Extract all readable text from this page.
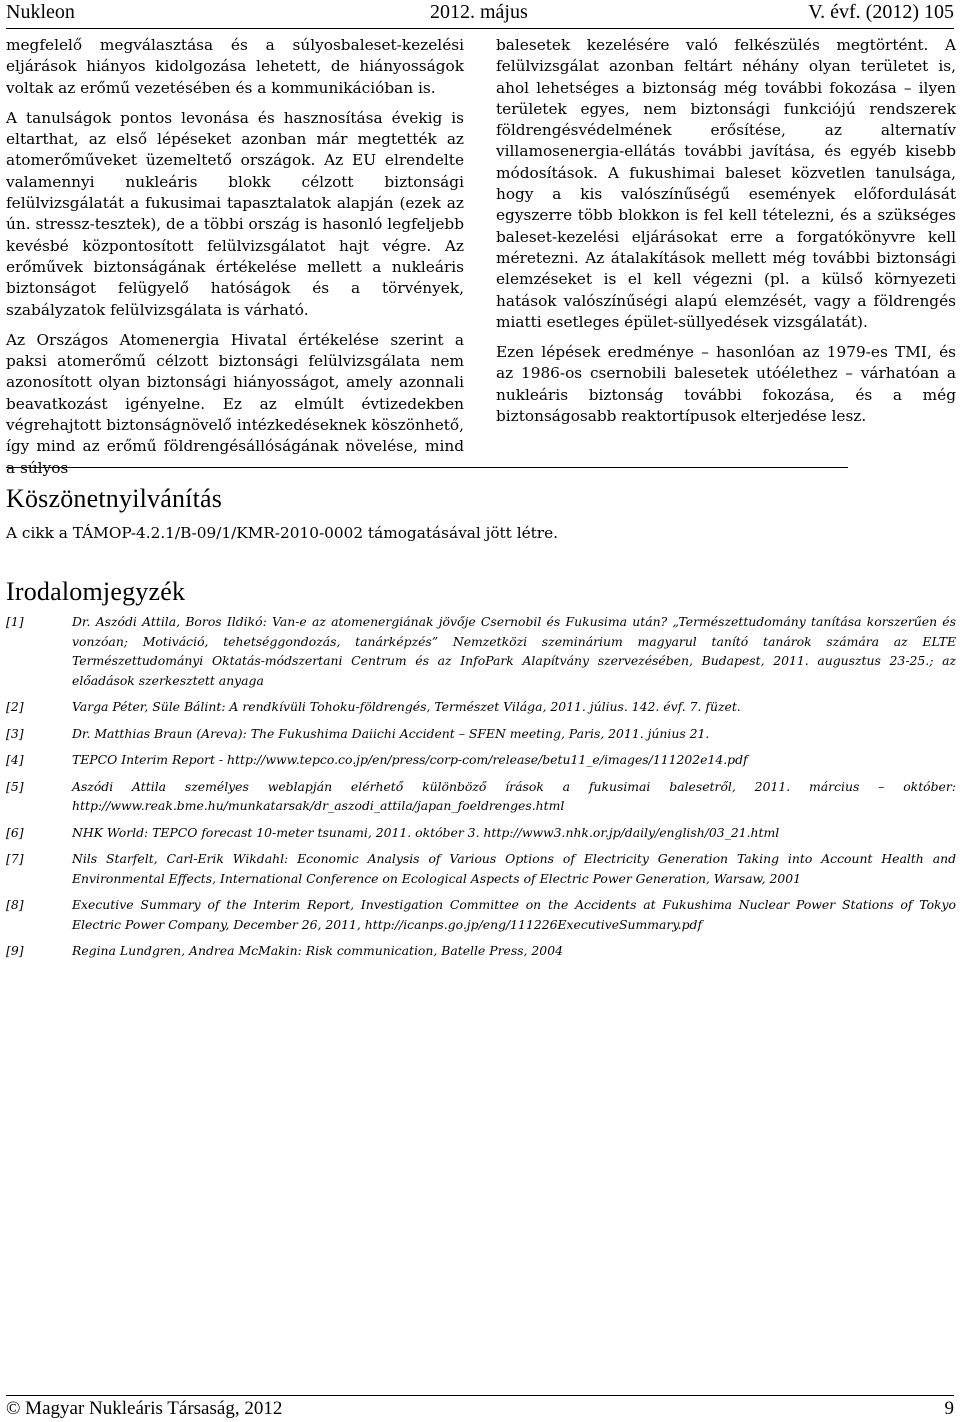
Nukleon	2012. május	V. évf. (2012) 105

megfelelő megválasztása és a súlyosbaleset-kezelési eljárások hiányos kidolgozása lehetett, de hiányosságok voltak az erőmű vezetésében és a kommunikációban is.

A tanulságok pontos levonása és hasznosítása évekig is eltarthat, az első lépéseket azonban már megtették az atomerőműveket üzemeltető országok. Az EU elrendelte valamennyi nukleáris blokk célzott biztonsági felülvizsgálatát a fukusimai tapasztalatok alapján (ezek az ún. stressz-tesztek), de a többi ország is hasonló legfeljebb kevésbé központosított felülvizsgálatot hajt végre. Az erőművek biztonságának értékelése mellett a nukleáris biztonságot felügyelő hatóságok és a törvények, szabályzatok felülvizsgálata is várható.

Az Országos Atomenergia Hivatal értékelése szerint a paksi atomerőmű célzott biztonsági felülvizsgálata nem azonosított olyan biztonsági hiányosságot, amely azonnali beavatkozást igényelne. Ez az elmúlt évtizedekben végrehajtott biztonságnövelő intézkedéseknek köszönhető, így mind az erőmű földrengésállóságának növelése, mind a súlyos

balesetek kezelésére való felkészülés megtörtént. A felülvizsgálat azonban feltárt néhány olyan területet is, ahol lehetséges a biztonság még további fokozása – ilyen területek egyes, nem biztonsági funkciójú rendszerek földrengésvédelmének erősítése, az alternatív villamosenergia-ellátás további javítása, és egyéb kisebb módosítások. A fukushimai baleset közvetlen tanulsága, hogy a kis valószínűségű események előfordulását egyszerre több blokkon is fel kell tételezni, és a szükséges baleset-kezelési eljárásokat erre a forgatókönyvre kell méretezni. Az átalakítások mellett még további biztonsági elemzéseket is el kell végezni (pl. a külső környezeti hatások valószínűségi alapú elemzését, vagy a földrengés miatti esetleges épület-süllyedések vizsgálatát).

Ezen lépések eredménye – hasonlóan az 1979-es TMI, és az 1986-os csernobili balesetek utóélethez – várhatóan a nukleáris biztonság további fokozása, és a még biztonságosabb reaktortípusok elterjedése lesz.

Köszönetnyilvánítás
A cikk a TÁMOP-4.2.1/B-09/1/KMR-2010-0002 támogatásával jött létre.
Irodalomjegyzék
[1]	Dr. Aszódi Attila, Boros Ildikó: Van-e az atomenergiának jövője Csernobil és Fukusima után? „Természettudomány tanítása korszerűen és vonzóan; Motiváció, tehetséggondozás, tanárképzés” Nemzetközi szeminárium magyarul tanító tanárok számára az ELTE Természettudományi Oktatás-módszertani Centrum és az InfoPark Alapítvány szervezésében, Budapest, 2011. augusztus 23-25.; az előadások szerkesztett anyaga
[2]	Varga Péter, Süle Bálint: A rendkívüli Tohoku-földrengés, Természet Világa, 2011. július. 142. évf. 7. füzet.
[3]	Dr. Matthias Braun (Areva): The Fukushima Daiichi Accident – SFEN meeting, Paris, 2011. június 21.
[4]	TEPCO Interim Report - http://www.tepco.co.jp/en/press/corp-com/release/betu11_e/images/111202e14.pdf
[5]	Aszódi Attila személyes weblapján elérhető különböző írások a fukusimai balesetről, 2011. március – október: http://www.reak.bme.hu/munkatarsak/dr_aszodi_attila/japan_foeldrenges.html
[6]	NHK World: TEPCO forecast 10-meter tsunami, 2011. október 3. http://www3.nhk.or.jp/daily/english/03_21.html
[7]	Nils Starfelt, Carl-Erik Wikdahl: Economic Analysis of Various Options of Electricity Generation Taking into Account Health and Environmental Effects, International Conference on Ecological Aspects of Electric Power Generation, Warsaw, 2001
[8]	Executive Summary of the Interim Report, Investigation Committee on the Accidents at Fukushima Nuclear Power Stations of Tokyo Electric Power Company, December 26, 2011, http://icanps.go.jp/eng/111226ExecutiveSummary.pdf
[9]	Regina Lundgren, Andrea McMakin: Risk communication, Batelle Press, 2004
© Magyar Nukleáris Társaság, 2012	9
